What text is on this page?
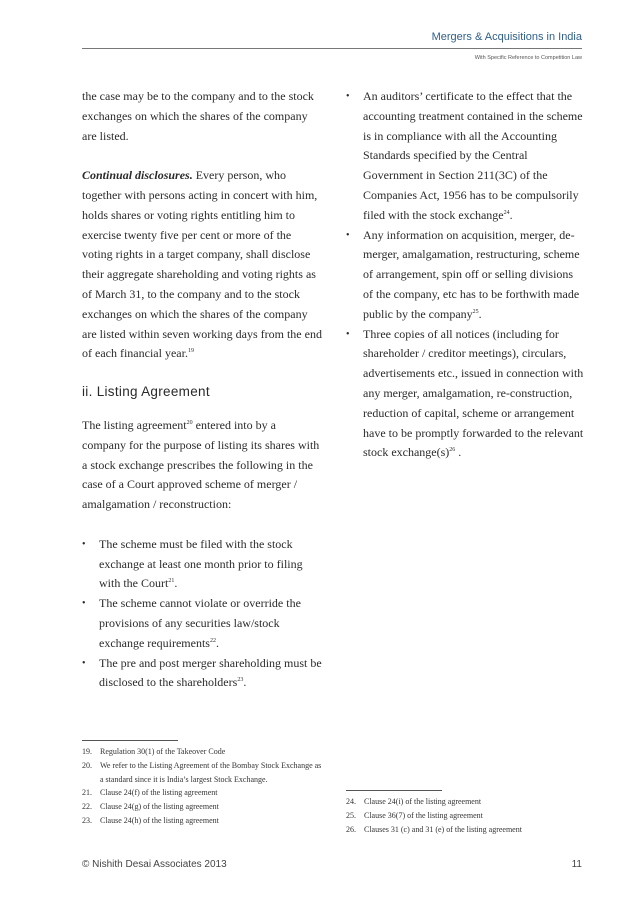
Mergers & Acquisitions in India
With Specific Reference to Competition Law

the case may be to the company and to the stock exchanges on which the shares of the company are listed.

Continual disclosures. Every person, who together with persons acting in concert with him, holds shares or voting rights entitling him to exercise twenty five per cent or more of the voting rights in a target company, shall disclose their aggregate shareholding and voting rights as of March 31, to the company and to the stock exchanges on which the shares of the company are listed within seven working days from the end of each financial year.$^{19}$

ii. Listing Agreement

The listing agreement$^{20}$ entered into by a company for the purpose of listing its shares with a stock exchange prescribes the following in the case of a Court approved scheme of merger / amalgamation / reconstruction:

• The scheme must be filed with the stock exchange at least one month prior to filing with the Court$^{21}$.
• The scheme cannot violate or override the provisions of any securities law/stock exchange requirements$^{22}$.
• The pre and post merger shareholding must be disclosed to the shareholders$^{23}$.
• An auditors’ certificate to the effect that the accounting treatment contained in the scheme is in compliance with all the Accounting Standards specified by the Central Government in Section 211(3C) of the Companies Act, 1956 has to be compulsorily filed with the stock exchange$^{24}$.
• Any information on acquisition, merger, de-merger, amalgamation, restructuring, scheme of arrangement, spin off or selling divisions of the company, etc has to be forthwith made public by the company$^{25}$.
• Three copies of all notices (including for shareholder / creditor meetings), circulars, advertisements etc., issued in connection with any merger, amalgamation, re-construction, reduction of capital, scheme or arrangement have to be promptly forwarded to the relevant stock $exchange(s)^{26}$ .
19.	Regulation 30(1) of the Takeover Code
20.	We refer to the Listing Agreement of the Bombay Stock Exchange as a standard since it is India’s largest Stock Exchange.
21.	Clause 24(f) of the listing agreement
22.	Clause 24(g) of the listing agreement
23.	Clause 24(h) of the listing agreement
24.	Clause 24(i) of the listing agreement
25.	Clause 36(7) of the listing agreement
26.	Clauses 31 (c) and 31 (e) of the listing agreement
© Nishith Desai Associates 2013	11
